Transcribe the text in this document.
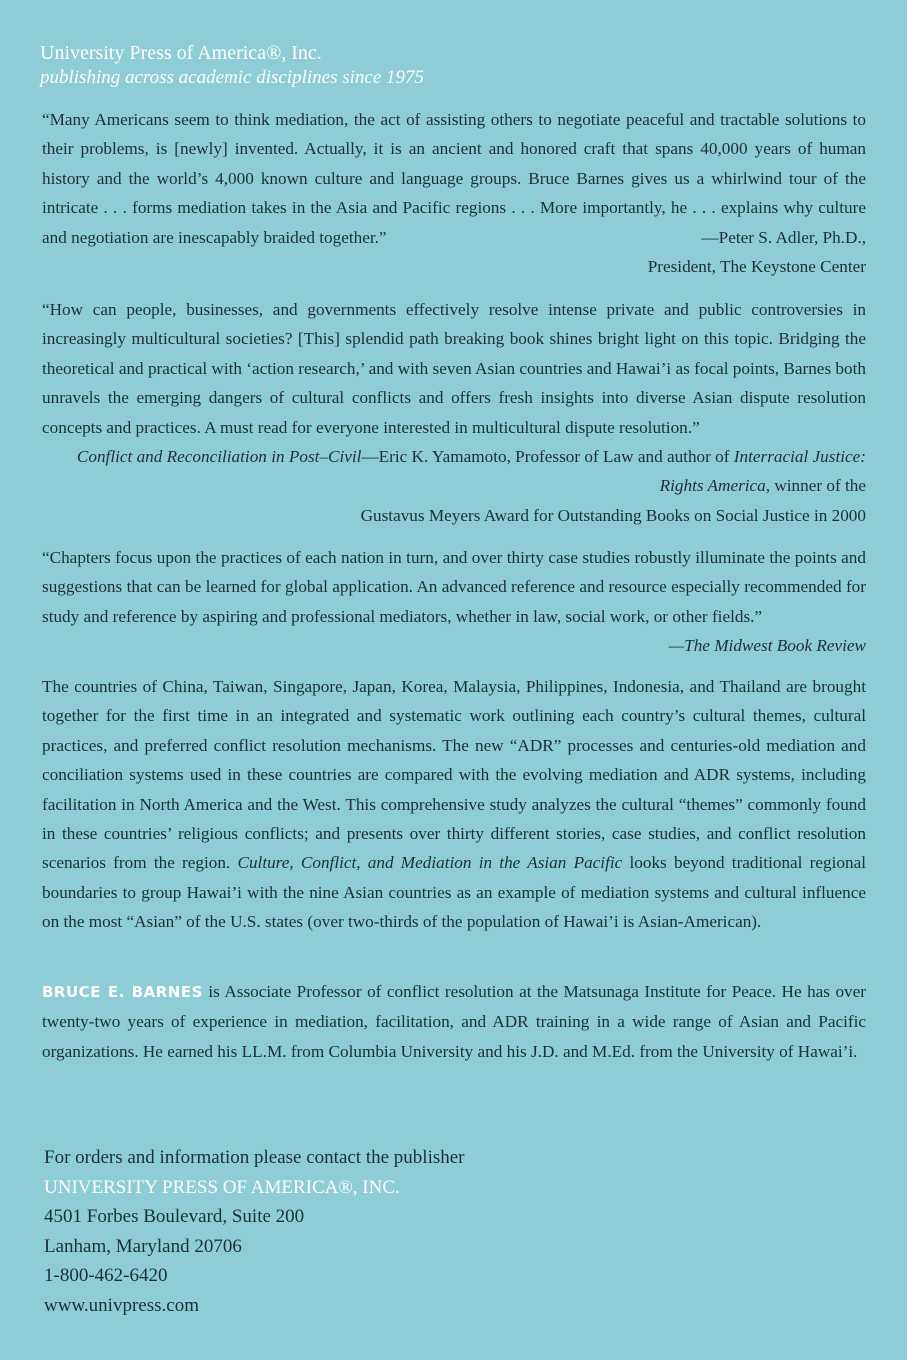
University Press of America®, Inc.
publishing across academic disciplines since 1975
“Many Americans seem to think mediation, the act of assisting others to negotiate peaceful and tractable solutions to their problems, is [newly] invented. Actually, it is an ancient and honored craft that spans 40,000 years of human history and the world’s 4,000 known culture and language groups. Bruce Barnes gives us a whirlwind tour of the intricate . . . forms mediation takes in the Asia and Pacific regions . . . More importantly, he . . . explains why culture and negotiation are inescapably braided together.”	—Peter S. Adler, Ph.D.,
President, The Keystone Center
“How can people, businesses, and governments effectively resolve intense private and public controversies in increasingly multicultural societies? [This] splendid path breaking book shines bright light on this topic. Bridging the theoretical and practical with ‘action research,’ and with seven Asian countries and Hawai’i as focal points, Barnes both unravels the emerging dangers of cultural conflicts and offers fresh insights into diverse Asian dispute resolution concepts and practices. A must read for everyone interested in multicultural dispute resolution.”
—Eric K. Yamamoto, Professor of Law and author of Interracial Justice:
Conflict and Reconciliation in Post–Civil Rights America, winner of the
Gustavus Meyers Award for Outstanding Books on Social Justice in 2000
“Chapters focus upon the practices of each nation in turn, and over thirty case studies robustly illuminate the points and suggestions that can be learned for global application. An advanced reference and resource especially recommended for study and reference by aspiring and professional mediators, whether in law, social work, or other fields.”
—The Midwest Book Review
The countries of China, Taiwan, Singapore, Japan, Korea, Malaysia, Philippines, Indonesia, and Thailand are brought together for the first time in an integrated and systematic work outlining each country’s cultural themes, cultural practices, and preferred conflict resolution mechanisms. The new “ADR” processes and centuries-old mediation and conciliation systems used in these countries are compared with the evolving mediation and ADR systems, including facilitation in North America and the West. This comprehensive study analyzes the cultural “themes” commonly found in these countries’ religious conflicts; and presents over thirty different stories, case studies, and conflict resolution scenarios from the region. Culture, Conflict, and Mediation in the Asian Pacific looks beyond traditional regional boundaries to group Hawai’i with the nine Asian countries as an example of mediation systems and cultural influence on the most “Asian” of the U.S. states (over two-thirds of the population of Hawai’i is Asian-American).
BRUCE E. BARNES is Associate Professor of conflict resolution at the Matsunaga Institute for Peace. He has over twenty-two years of experience in mediation, facilitation, and ADR training in a wide range of Asian and Pacific organizations. He earned his LL.M. from Columbia University and his J.D. and M.Ed. from the University of Hawai’i.
For orders and information please contact the publisher
UNIVERSITY PRESS OF AMERICA®, INC.
4501 Forbes Boulevard, Suite 200
Lanham, Maryland 20706
1-800-462-6420
www.univpress.com
